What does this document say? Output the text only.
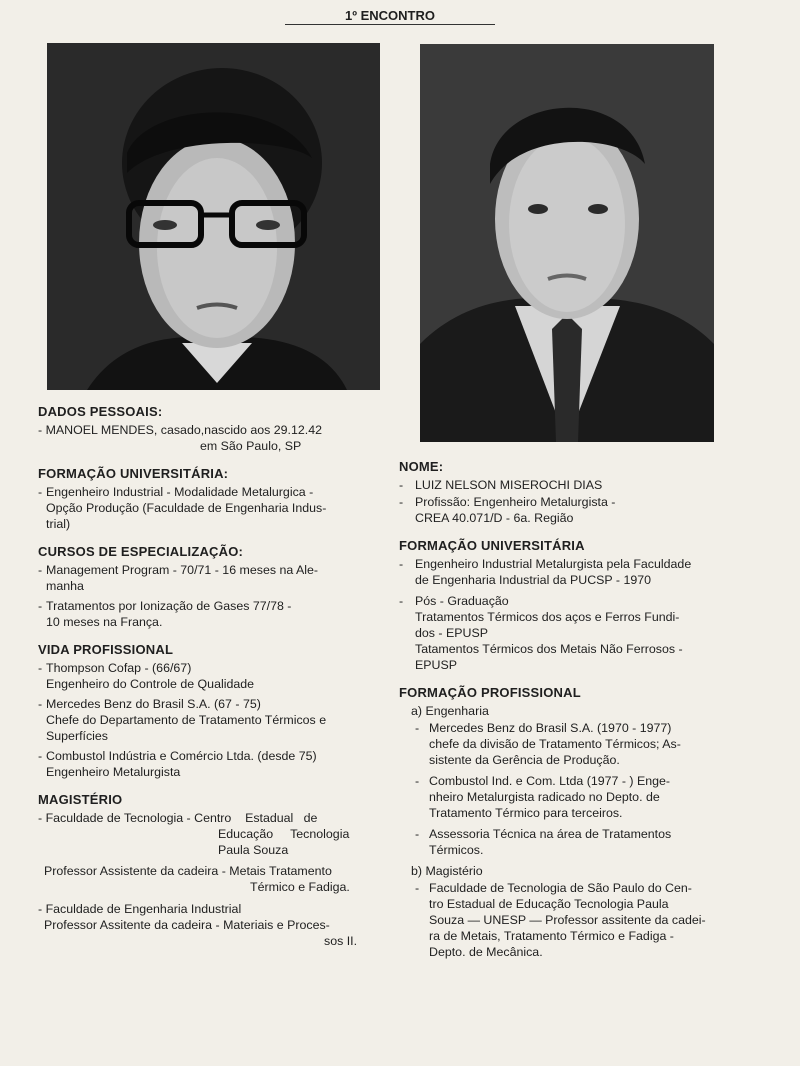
1º ENCONTRO
DADOS PESSOAIS:
- MANOEL MENDES, casado,nascido aos 29.12.42
em São Paulo, SP
FORMAÇÃO UNIVERSITÁRIA:
- Engenheiro Industrial - Modalidade Metalurgica -
Opção Produção (Faculdade de Engenharia Indus-
trial)
CURSOS DE ESPECIALIZAÇÃO:
- Management Program - 70/71 - 16 meses na Ale-
manha
- Tratamentos por Ionização de Gases 77/78 -
10 meses na França.
VIDA PROFISSIONAL
- Thompson Cofap - (66/67)
Engenheiro do Controle de Qualidade
- Mercedes Benz do Brasil S.A. (67 - 75)
Chefe do Departamento de Tratamento Térmicos e
Superfícies
- Combustol Indústria e Comércio Ltda. (desde 75)
Engenheiro Metalurgista
MAGISTÉRIO
- Faculdade de Tecnologia - Centro    Estadual   de
Educação     Tecnologia
Paula Souza
Professor Assistente da cadeira - Metais Tratamento
Térmico e Fadiga.
- Faculdade de Engenharia Industrial
Professor Assitente da cadeira - Materiais e Proces-
sos II.
NOME:
- LUIZ NELSON MISEROCHI DIAS
- Profissão: Engenheiro Metalurgista -
CREA 40.071/D - 6a. Região
FORMAÇÃO UNIVERSITÁRIA
- Engenheiro Industrial Metalurgista pela Faculdade
de Engenharia Industrial da PUCSP - 1970
- Pós - Graduação
Tratamentos Térmicos dos aços e Ferros Fundi-
dos - EPUSP
Tatamentos Térmicos dos Metais Não Ferrosos -
EPUSP
FORMAÇÃO PROFISSIONAL
a) Engenharia
- Mercedes Benz do Brasil S.A. (1970 - 1977)
chefe da divisão de Tratamento Térmicos; As-
sistente da Gerência de Produção.
- Combustol Ind. e Com. Ltda (1977 - ) Enge-
nheiro Metalurgista radicado no Depto. de
Tratamento Térmico para terceiros.
- Assessoria Técnica na área de Tratamentos
Térmicos.
b) Magistério
- Faculdade de Tecnologia de São Paulo do Cen-
tro Estadual de Educação Tecnologia Paula
Souza — UNESP — Professor assitente da cadei-
ra de Metais, Tratamento Térmico e Fadiga -
Depto. de Mecânica.
